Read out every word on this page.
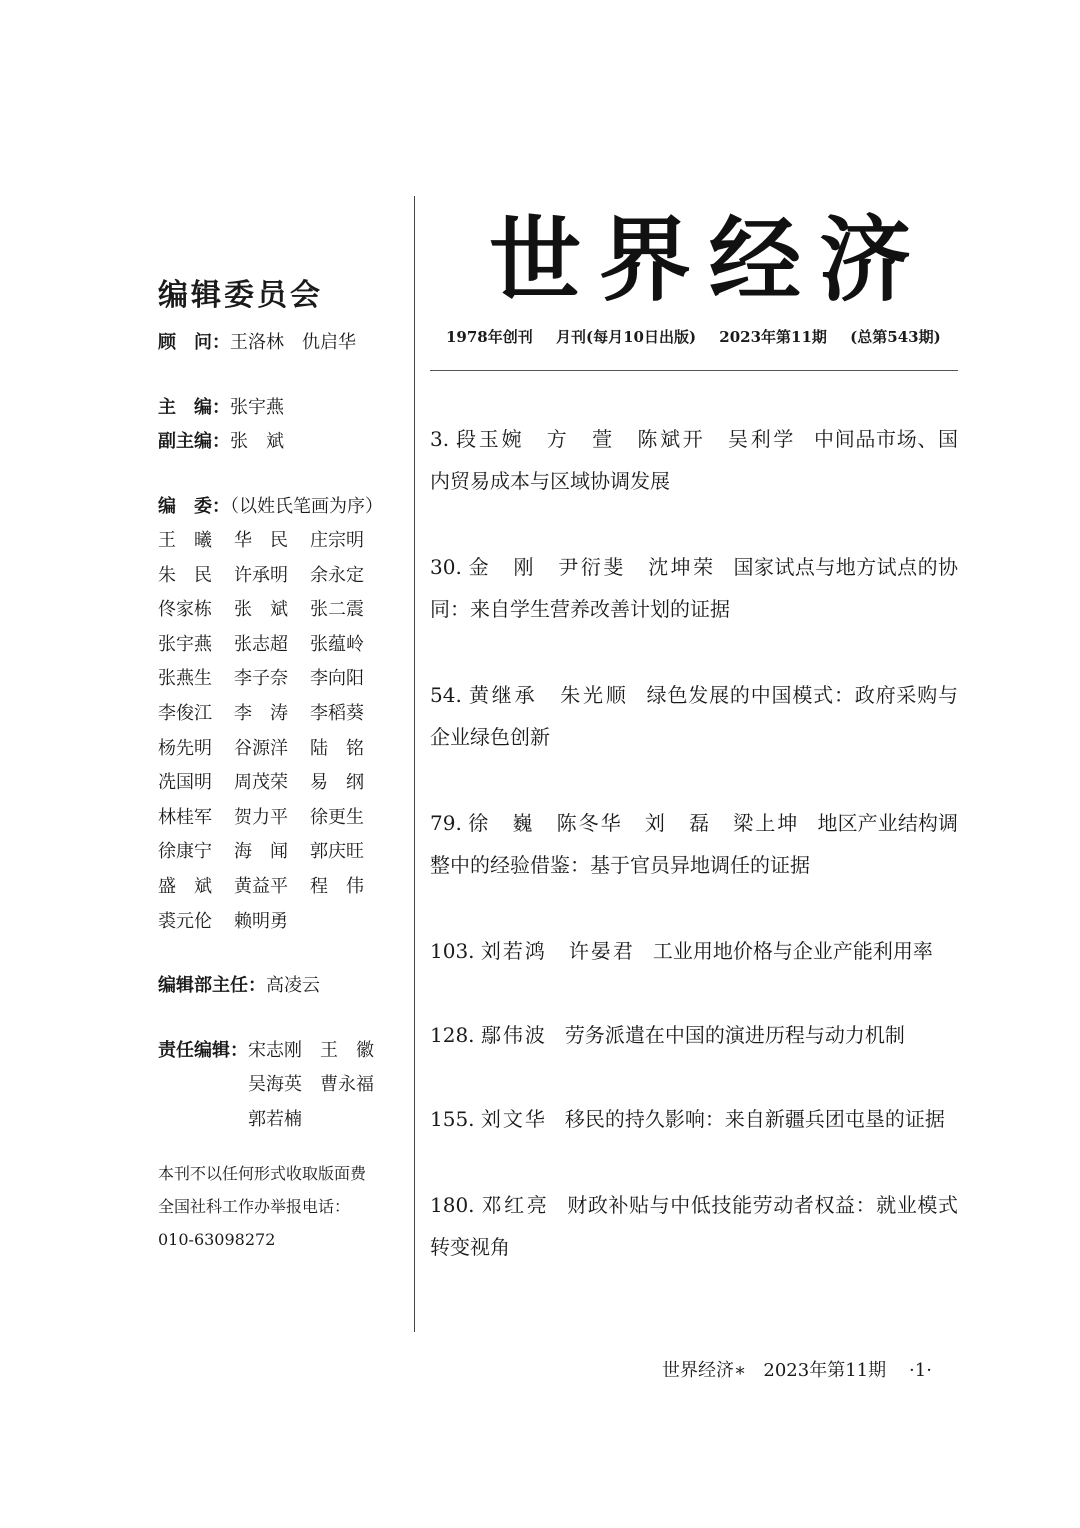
编辑委员会
顾　问：王洛林　仇启华
主　编：张宇燕
副主编：张　斌
编　委：（以姓氏笔画为序）
王　曦 华　民 庄宗明
朱　民 许承明 余永定
佟家栋 张　斌 张二震
张宇燕 张志超 张蕴岭
张燕生 李子奈 李向阳
李俊江 李　涛 李稻葵
杨先明 谷源洋 陆　铭
冼国明 周茂荣 易　纲
林桂军 贺力平 徐更生
徐康宁 海　闻 郭庆旺
盛　斌 黄益平 程　伟
裘元伦 赖明勇
编辑部主任：高凌云
责任编辑：宋志刚　王　徽
吴海英　曹永福
郭若楠
本刊不以任何形式收取版面费
全国社科工作办举报电话：
010-63098272
世界经济
1978年创刊 月刊(每月10日出版) 2023年第11期 (总第543期)

3. 段玉婉　方　萱　陈斌开　吴利学 中间品市场、国内贸易成本与区域协调发展

30. 金　刚　尹衍斐　沈坤荣 国家试点与地方试点的协同：来自学生营养改善计划的证据

54. 黄继承　朱光顺 绿色发展的中国模式：政府采购与企业绿色创新

79. 徐　巍　陈冬华　刘　磊　梁上坤 地区产业结构调整中的经验借鉴：基于官员异地调任的证据

103. 刘若鸿　许晏君 工业用地价格与企业产能利用率

128. 鄢伟波 劳务派遣在中国的演进历程与动力机制

155. 刘文华 移民的持久影响：来自新疆兵团屯垦的证据

180. 邓红亮 财政补贴与中低技能劳动者权益：就业模式转变视角

世界经济∗ 2023年第11期 ·1·
